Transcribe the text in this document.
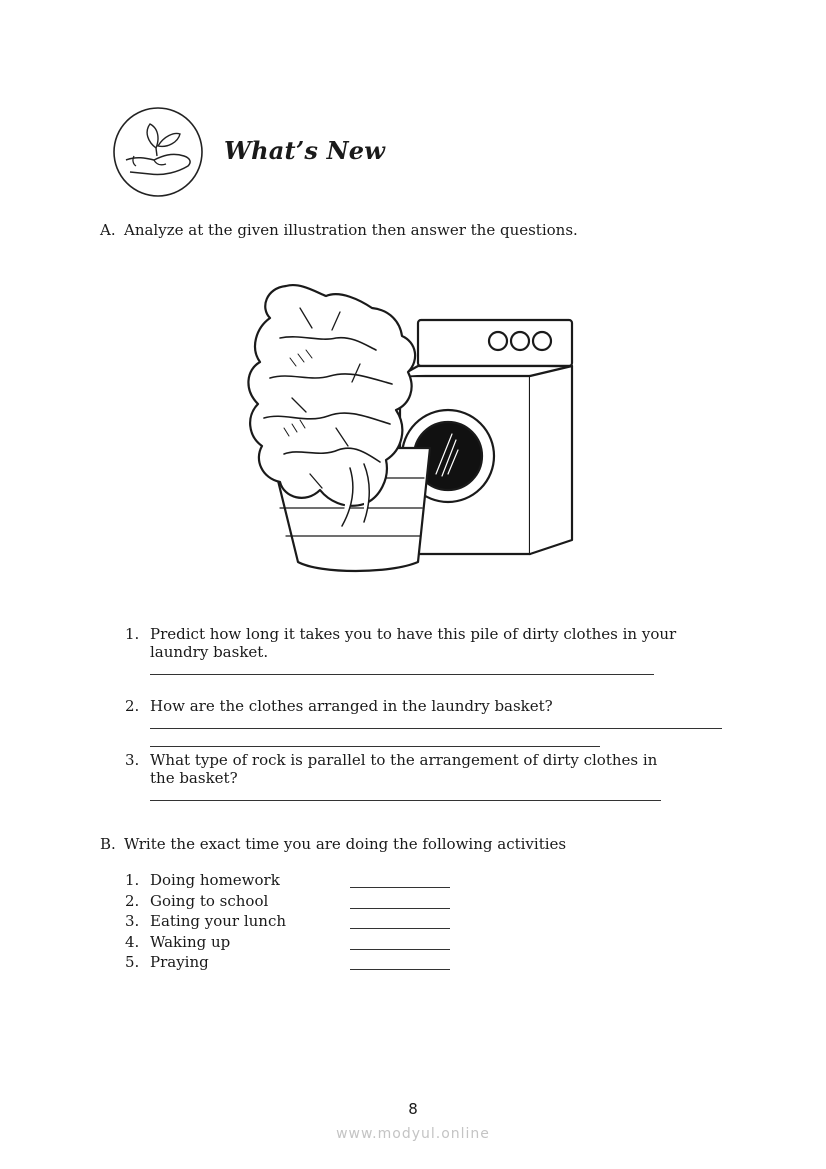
What’s New
A. Analyze at the given illustration then answer the questions.
1. Predict how long it takes you to have this pile of dirty clothes in your laundry basket.
2. How are the clothes arranged in the laundry basket?
3. What type of rock is parallel to the arrangement of dirty clothes in the basket?
B. Write the exact time you are doing the following activities
1. Doing homework
2. Going to school
3. Eating your lunch
4. Waking up
5. Praying
8
www.modyul.online
